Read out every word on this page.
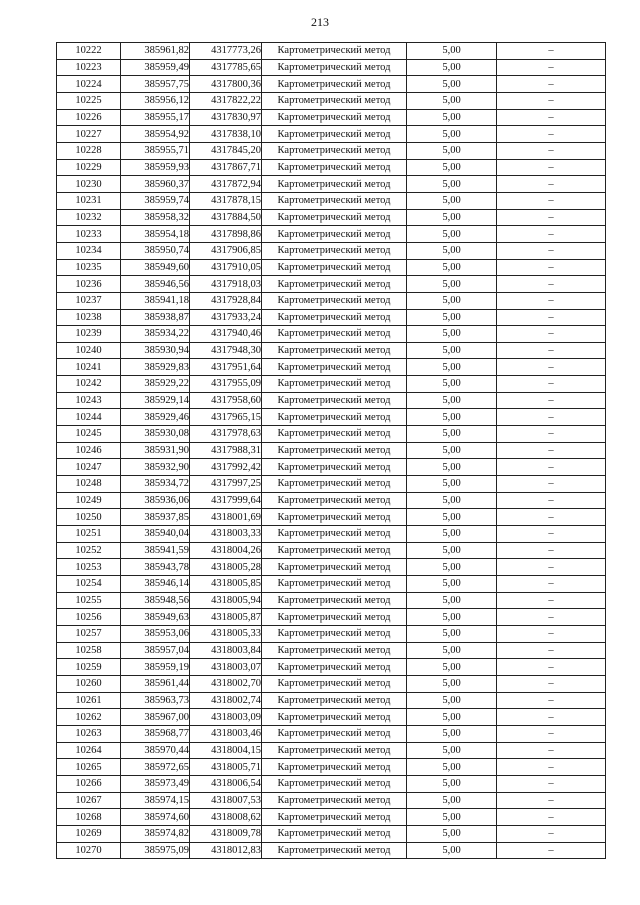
213
10222	385961,82	4317773,26	Картометрический метод	5,00	–
10223	385959,49	4317785,65	Картометрический метод	5,00	–
10224	385957,75	4317800,36	Картометрический метод	5,00	–
10225	385956,12	4317822,22	Картометрический метод	5,00	–
10226	385955,17	4317830,97	Картометрический метод	5,00	–
10227	385954,92	4317838,10	Картометрический метод	5,00	–
10228	385955,71	4317845,20	Картометрический метод	5,00	–
10229	385959,93	4317867,71	Картометрический метод	5,00	–
10230	385960,37	4317872,94	Картометрический метод	5,00	–
10231	385959,74	4317878,15	Картометрический метод	5,00	–
10232	385958,32	4317884,50	Картометрический метод	5,00	–
10233	385954,18	4317898,86	Картометрический метод	5,00	–
10234	385950,74	4317906,85	Картометрический метод	5,00	–
10235	385949,60	4317910,05	Картометрический метод	5,00	–
10236	385946,56	4317918,03	Картометрический метод	5,00	–
10237	385941,18	4317928,84	Картометрический метод	5,00	–
10238	385938,87	4317933,24	Картометрический метод	5,00	–
10239	385934,22	4317940,46	Картометрический метод	5,00	–
10240	385930,94	4317948,30	Картометрический метод	5,00	–
10241	385929,83	4317951,64	Картометрический метод	5,00	–
10242	385929,22	4317955,09	Картометрический метод	5,00	–
10243	385929,14	4317958,60	Картометрический метод	5,00	–
10244	385929,46	4317965,15	Картометрический метод	5,00	–
10245	385930,08	4317978,63	Картометрический метод	5,00	–
10246	385931,90	4317988,31	Картометрический метод	5,00	–
10247	385932,90	4317992,42	Картометрический метод	5,00	–
10248	385934,72	4317997,25	Картометрический метод	5,00	–
10249	385936,06	4317999,64	Картометрический метод	5,00	–
10250	385937,85	4318001,69	Картометрический метод	5,00	–
10251	385940,04	4318003,33	Картометрический метод	5,00	–
10252	385941,59	4318004,26	Картометрический метод	5,00	–
10253	385943,78	4318005,28	Картометрический метод	5,00	–
10254	385946,14	4318005,85	Картометрический метод	5,00	–
10255	385948,56	4318005,94	Картометрический метод	5,00	–
10256	385949,63	4318005,87	Картометрический метод	5,00	–
10257	385953,06	4318005,33	Картометрический метод	5,00	–
10258	385957,04	4318003,84	Картометрический метод	5,00	–
10259	385959,19	4318003,07	Картометрический метод	5,00	–
10260	385961,44	4318002,70	Картометрический метод	5,00	–
10261	385963,73	4318002,74	Картометрический метод	5,00	–
10262	385967,00	4318003,09	Картометрический метод	5,00	–
10263	385968,77	4318003,46	Картометрический метод	5,00	–
10264	385970,44	4318004,15	Картометрический метод	5,00	–
10265	385972,65	4318005,71	Картометрический метод	5,00	–
10266	385973,49	4318006,54	Картометрический метод	5,00	–
10267	385974,15	4318007,53	Картометрический метод	5,00	–
10268	385974,60	4318008,62	Картометрический метод	5,00	–
10269	385974,82	4318009,78	Картометрический метод	5,00	–
10270	385975,09	4318012,83	Картометрический метод	5,00	–
